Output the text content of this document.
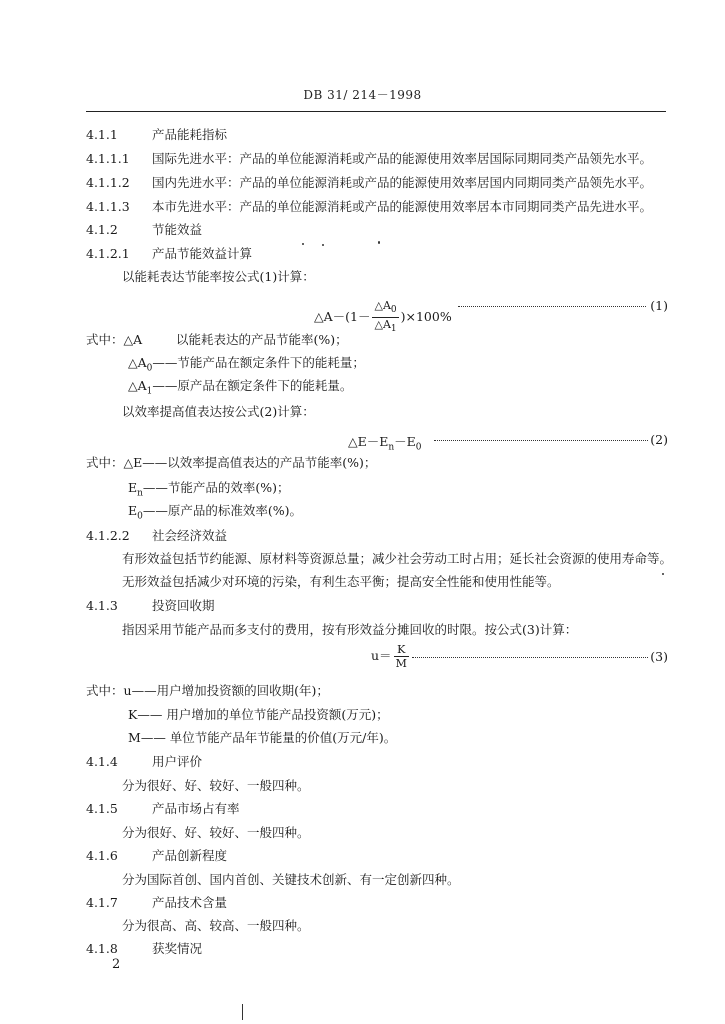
DB 31/ 214－1998
4.1.1	产品能耗指标
4.1.1.1 国际先进水平：产品的单位能源消耗或产品的能源使用效率居国际同期同类产品领先水平。
4.1.1.2 国内先进水平：产品的单位能源消耗或产品的能源使用效率居国内同期同类产品领先水平。
4.1.1.3 本市先进水平：产品的单位能源消耗或产品的能源使用效率居本市同期同类产品先进水平。
4.1.2	节能效益
4.1.2.1 产品节能效益计算
以能耗表达节能率按公式(1)计算：
△A－(1－ $\frac{\triangle A_0}{\triangle A_1} )\times 100\%$
(1)
式中：△A	以能耗表达的产品节能率(%)；
$\triangle A_0——$节能产品在额定条件下的能耗量；
$\triangle A_1——$原产品在额定条件下的能耗量。
以效率提高值表达按公式(2)计算：
$\triangle E-E_n-E_0$
(2)
式中：△E——以效率提高值表达的产品节能率(%)；
$E_n——$节能产品的效率(%)；
$E_0——$原产品的标准效率(%)。
4.1.2.2 社会经济效益
有形效益包括节约能源、原材料等资源总量；减少社会劳动工时占用；延长社会资源的使用寿命等。
无形效益包括减少对环境的污染，有利生态平衡；提高安全性能和使用性能等。
4.1.3	投资回收期
指因采用节能产品而多支付的费用，按有形效益分摊回收的时限。按公式(3)计算：
$u= \frac{K}{M}$	(3)
式中：u——用户增加投资额的回收期(年)；
K—— 用户增加的单位节能产品投资额(万元)；
M—— 单位节能产品年节能量的价值(万元/年)。
4.1.4	用户评价
分为很好、好、较好、一般四种。
4.1.5	产品市场占有率
分为很好、好、较好、一般四种。
4.1.6	产品创新程度
分为国际首创、国内首创、关键技术创新、有一定创新四种。
4.1.7	产品技术含量
分为很高、高、较高、一般四种。
4.1.8	获奖情况
2
